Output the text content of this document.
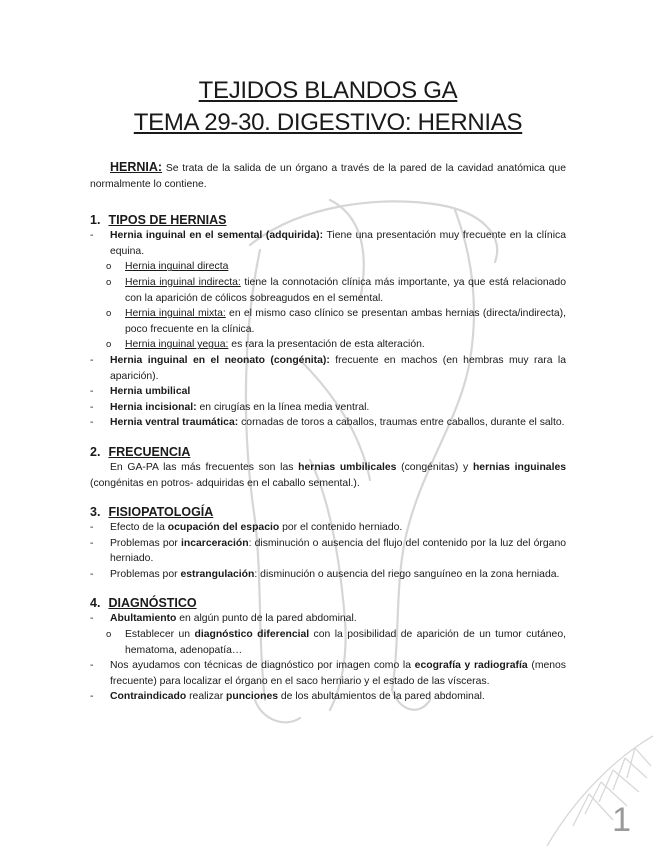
1
TEJIDOS BLANDOS GA
TEMA 29-30. DIGESTIVO: HERNIAS

HERNIA: Se trata de la salida de un órgano a través de la pared de la cavidad anatómica que normalmente lo contiene.

1. TIPOS DE HERNIAS
- Hernia inguinal en el semental (adquirida): Tiene una presentación muy frecuente en la clínica equina.
o Hernia inguinal directa
o Hernia inguinal indirecta: tiene la connotación clínica más importante, ya que está relacionado con la aparición de cólicos sobreagudos en el semental.
o Hernia inguinal mixta: en el mismo caso clínico se presentan ambas hernias (directa/indirecta), poco frecuente en la clínica.
o Hernia inguinal yegua: es rara la presentación de esta alteración.
- Hernia inguinal en el neonato (congénita): frecuente en machos (en hembras muy rara la aparición).
- Hernia umbilical
- Hernia incisional: en cirugías en la línea media ventral.
- Hernia ventral traumática: cornadas de toros a caballos, traumas entre caballos, durante el salto.
2. FRECUENCIA

En GA-PA las más frecuentes son las hernias umbilicales (congénitas) y hernias inguinales (congénitas en potros- adquiridas en el caballo semental.).

3. FISIOPATOLOGÍA
- Efecto de la ocupación del espacio por el contenido herniado.
- Problemas por incarceración: disminución o ausencia del flujo del contenido por la luz del órgano herniado.
- Problemas por estrangulación: disminución o ausencia del riego sanguíneo en la zona herniada.
4. DIAGNÓSTICO
- Abultamiento en algún punto de la pared abdominal.
o Establecer un diagnóstico diferencial con la posibilidad de aparición de un tumor cutáneo, hematoma, adenopatía…
- Nos ayudamos con técnicas de diagnóstico por imagen como la ecografía y radiografía (menos frecuente) para localizar el órgano en el saco herniario y el estado de las vísceras.
- Contraindicado realizar punciones de los abultamientos de la pared abdominal.
